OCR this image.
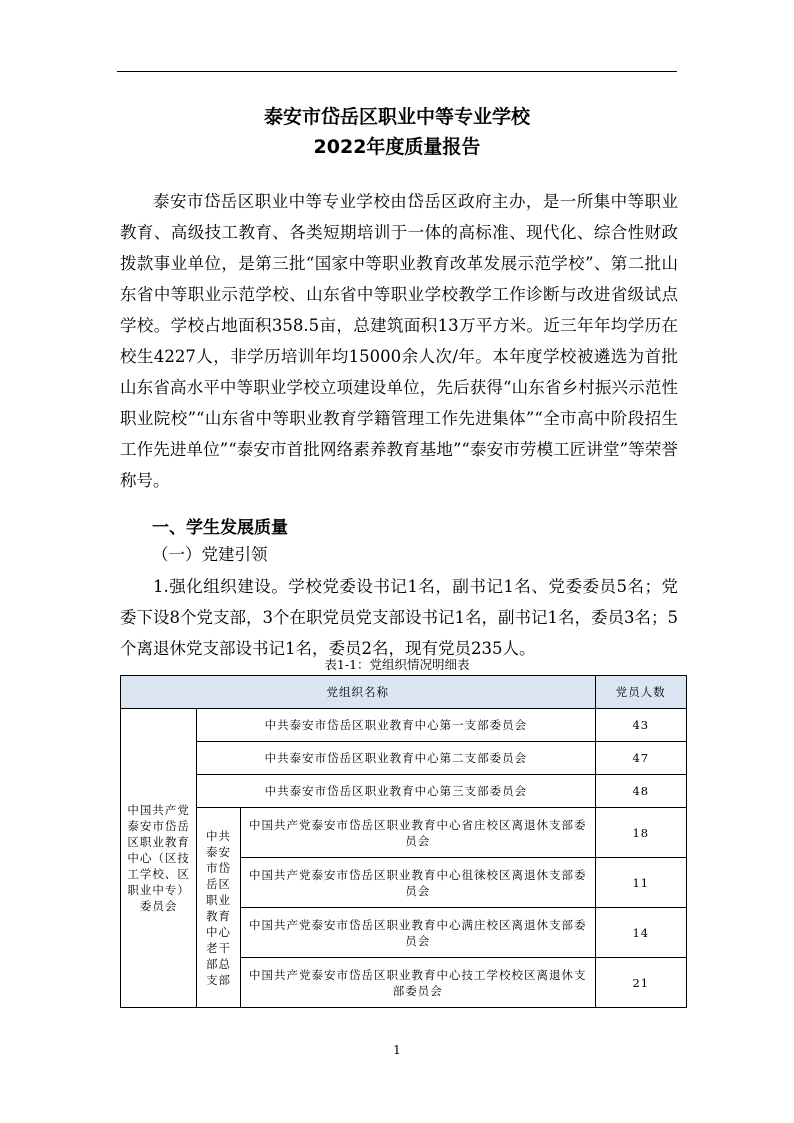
泰安市岱岳区职业中等专业学校
2022年度质量报告

泰安市岱岳区职业中等专业学校由岱岳区政府主办，是一所集中等职业教育、高级技工教育、各类短期培训于一体的高标准、现代化、综合性财政拨款事业单位，是第三批“国家中等职业教育改革发展示范学校”、第二批山东省中等职业示范学校、山东省中等职业学校教学工作诊断与改进省级试点学校。学校占地面积358.5亩，总建筑面积13万平方米。近三年年均学历在校生4227人，非学历培训年均15000余人次/年。本年度学校被遴选为首批山东省高水平中等职业学校立项建设单位，先后获得“山东省乡村振兴示范性职业院校”“山东省中等职业教育学籍管理工作先进集体”“全市高中阶段招生工作先进单位”“泰安市首批网络素养教育基地”“泰安市劳模工匠讲堂”等荣誉称号。

一、学生发展质量

（一）党建引领

1.强化组织建设。学校党委设书记1名，副书记1名、党委委员5名；党委下设8个党支部，3个在职党员党支部设书记1名，副书记1名，委员3名；5个离退休党支部设书记1名，委员2名，现有党员235人。

表1-1：党组织情况明细表

党组织名称			党员人数
中国共产党泰安市岱岳区职业教育中心（区技工学校、区职业中专）委员会	中共泰安市岱岳区职业教育中心第一支部委员会		43
	中共泰安市岱岳区职业教育中心第二支部委员会		47
	中共泰安市岱岳区职业教育中心第三支部委员会		48
	中共泰安市岱岳区职业教育中心老干部总支部	中国共产党泰安市岱岳区职业教育中心省庄校区离退休支部委员会	18
		中国共产党泰安市岱岳区职业教育中心徂徕校区离退休支部委员会	11
		中国共产党泰安市岱岳区职业教育中心满庄校区离退休支部委员会	14
		中国共产党泰安市岱岳区职业教育中心技工学校校区离退休支部委员会	21
1
